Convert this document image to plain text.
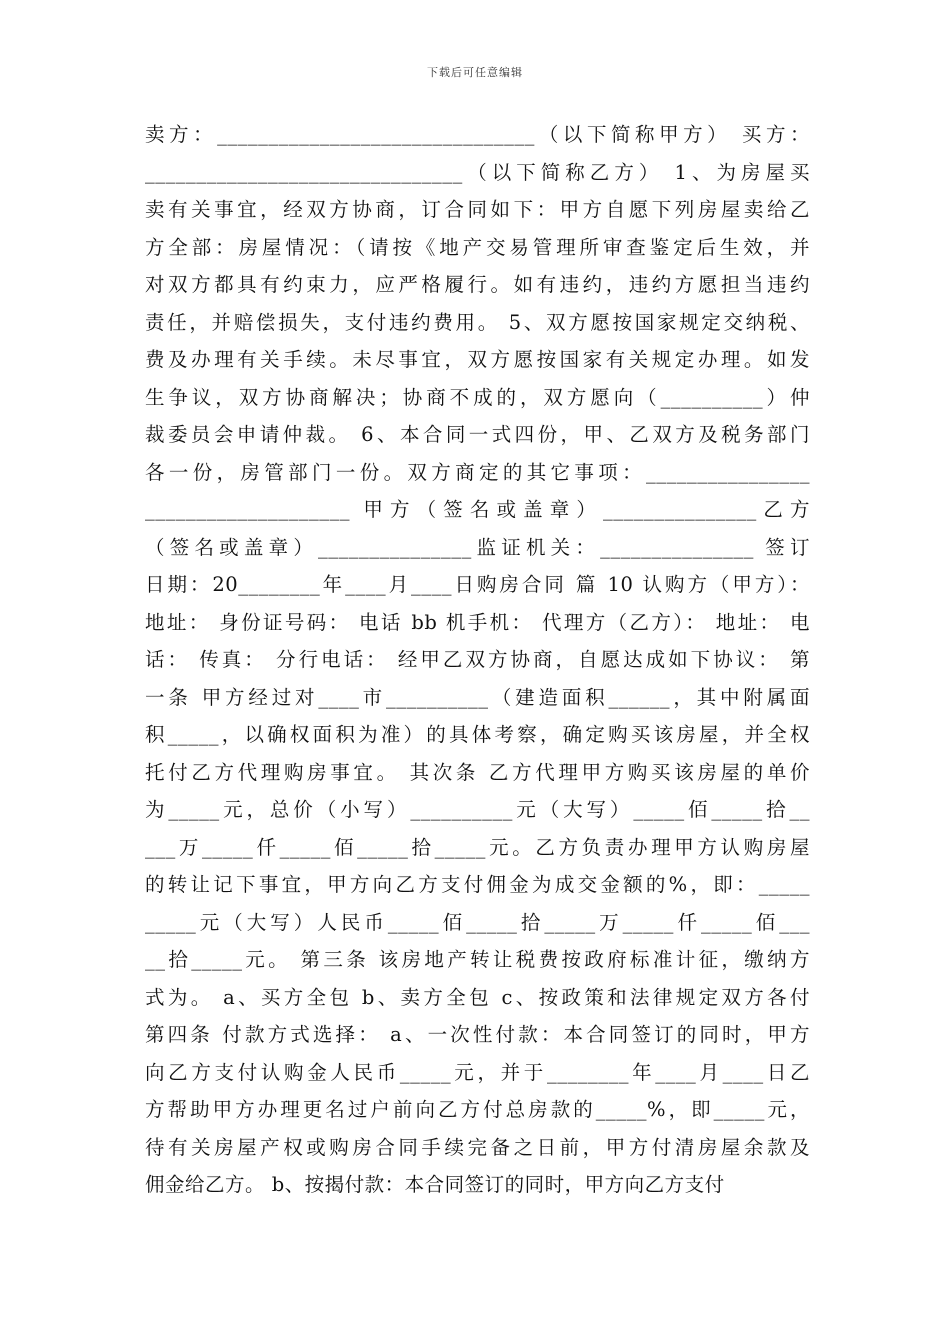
下载后可任意编辑
卖方：_______________________________（以下简称甲方） 买方：
_______________________________（以下简称乙方） 1、为房屋买
卖有关事宜，经双方协商，订合同如下：甲方自愿下列房屋卖给乙
方全部：房屋情况：（请按《地产交易管理所审查鉴定后生效，并
对双方都具有约束力，应严格履行。如有违约，违约方愿担当违约
责任，并赔偿损失，支付违约费用。 5、双方愿按国家规定交纳税、
费及办理有关手续。未尽事宜，双方愿按国家有关规定办理。如发
生争议，双方协商解决；协商不成的，双方愿向（__________）仲
裁委员会申请仲裁。 6、本合同一式四份，甲、乙双方及税务部门
各一份，房管部门一份。双方商定的其它事项：________________
____________________ 甲方（签名或盖章）_______________乙方
（签名或盖章）_______________监证机关：_______________ 签订
日期：20________年____月____日购房合同 篇 10 认购方（甲方）：
地址： 身份证号码： 电话 bb 机手机： 代理方（乙方）： 地址： 电
话： 传真： 分行电话： 经甲乙双方协商，自愿达成如下协议： 第
一条 甲方经过对____市__________（建造面积______，其中附属面
积_____，以确权面积为准）的具体考察，确定购买该房屋，并全权
托付乙方代理购房事宜。 其次条 乙方代理甲方购买该房屋的单价
为_____元，总价（小写）__________元（大写）_____佰_____拾__
___万_____仟_____佰_____拾_____元。乙方负责办理甲方认购房屋
的转让记下事宜，甲方向乙方支付佣金为成交金额的%，即：_____
_____元（大写）人民币_____佰_____拾_____万_____仟_____佰___
__拾_____元。 第三条 该房地产转让税费按政府标准计征，缴纳方
式为。 a、买方全包 b、卖方全包 c、按政策和法律规定双方各付
第四条 付款方式选择： a、一次性付款：本合同签订的同时，甲方
向乙方支付认购金人民币_____元，并于________年____月____日乙
方帮助甲方办理更名过户前向乙方付总房款的_____%，即_____元，
待有关房屋产权或购房合同手续完备之日前，甲方付清房屋余款及
佣金给乙方。 b、按揭付款：本合同签订的同时，甲方向乙方支付
